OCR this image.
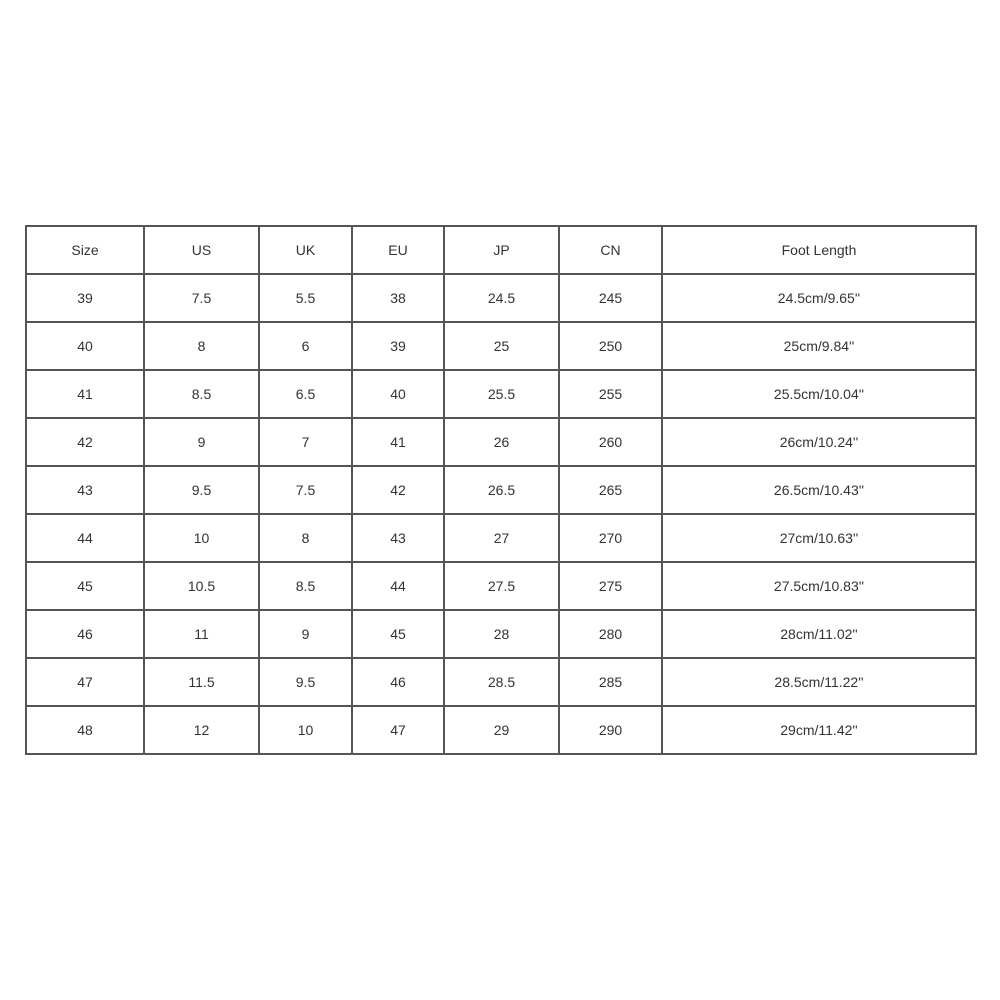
Size	US	UK	EU	JP	CN	Foot Length
39	7.5	5.5	38	24.5	245	24.5cm/9.65''
40	8	6	39	25	250	25cm/9.84''
41	8.5	6.5	40	25.5	255	25.5cm/10.04''
42	9	7	41	26	260	26cm/10.24''
43	9.5	7.5	42	26.5	265	26.5cm/10.43''
44	10	8	43	27	270	27cm/10.63''
45	10.5	8.5	44	27.5	275	27.5cm/10.83''
46	11	9	45	28	280	28cm/11.02''
47	11.5	9.5	46	28.5	285	28.5cm/11.22''
48	12	10	47	29	290	29cm/11.42''
